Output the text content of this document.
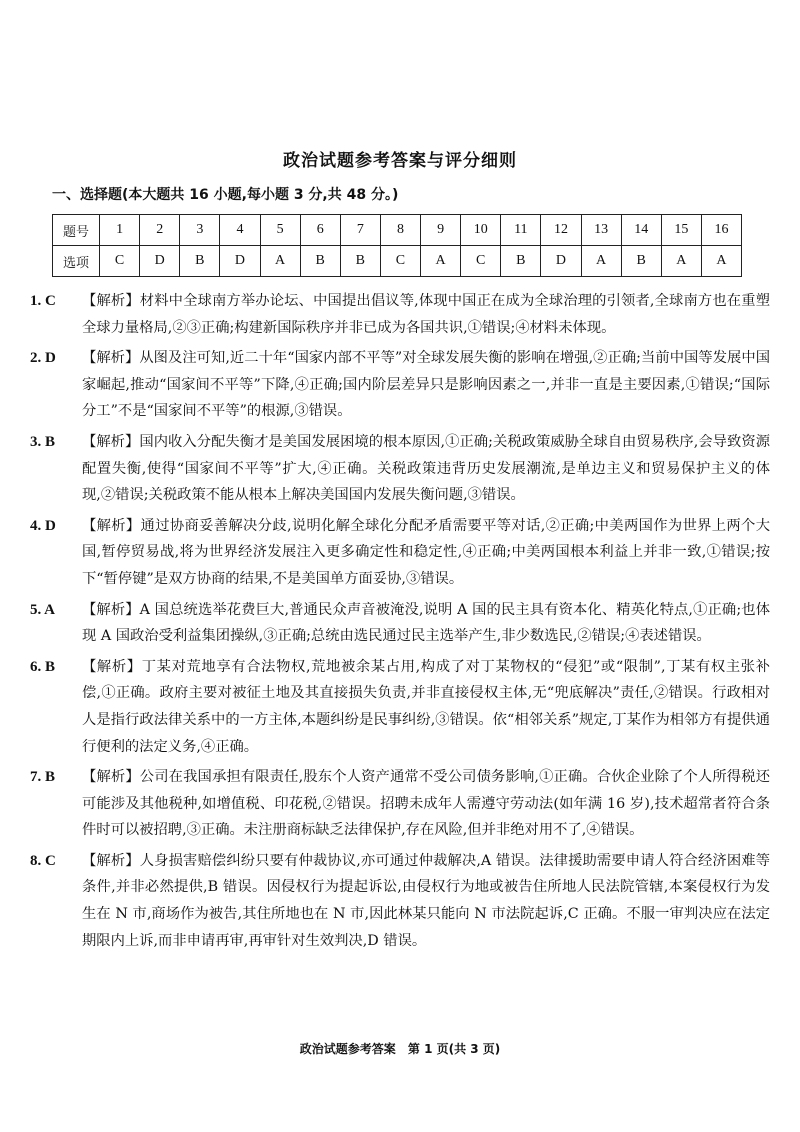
政治试题参考答案与评分细则
一、选择题(本大题共 16 小题,每小题 3 分,共 48 分。)
题号	1	2	3	4	5	6	7	8	9	10	11	12	13	14	15	16
选项	C	D	B	D	A	B	B	C	A	C	B	D	A	B	A	A
1. C	【解析】材料中全球南方举办论坛、中国提出倡议等,体现中国正在成为全球治理的引领者,全球南方也在重塑全球力量格局,②③正确;构建新国际秩序并非已成为各国共识,①错误;④材料未体现。
2. D	【解析】从图及注可知,近二十年“国家内部不平等”对全球发展失衡的影响在增强,②正确;当前中国等发展中国家崛起,推动“国家间不平等”下降,④正确;国内阶层差异只是影响因素之一,并非一直是主要因素,①错误;“国际分工”不是“国家间不平等”的根源,③错误。
3. B	【解析】国内收入分配失衡才是美国发展困境的根本原因,①正确;关税政策威胁全球自由贸易秩序,会导致资源配置失衡,使得“国家间不平等”扩大,④正确。关税政策违背历史发展潮流,是单边主义和贸易保护主义的体现,②错误;关税政策不能从根本上解决美国国内发展失衡问题,③错误。
4. D	【解析】通过协商妥善解决分歧,说明化解全球化分配矛盾需要平等对话,②正确;中美两国作为世界上两个大国,暂停贸易战,将为世界经济发展注入更多确定性和稳定性,④正确;中美两国根本利益上并非一致,①错误;按下“暂停键”是双方协商的结果,不是美国单方面妥协,③错误。
5. A	【解析】A 国总统选举花费巨大,普通民众声音被淹没,说明 A 国的民主具有资本化、精英化特点,①正确;也体现 A 国政治受利益集团操纵,③正确;总统由选民通过民主选举产生,非少数选民,②错误;④表述错误。
6. B	【解析】丁某对荒地享有合法物权,荒地被余某占用,构成了对丁某物权的“侵犯”或“限制”,丁某有权主张补偿,①正确。政府主要对被征土地及其直接损失负责,并非直接侵权主体,无“兜底解决”责任,②错误。行政相对人是指行政法律关系中的一方主体,本题纠纷是民事纠纷,③错误。依“相邻关系”规定,丁某作为相邻方有提供通行便利的法定义务,④正确。
7. B	【解析】公司在我国承担有限责任,股东个人资产通常不受公司债务影响,①正确。合伙企业除了个人所得税还可能涉及其他税种,如增值税、印花税,②错误。招聘未成年人需遵守劳动法(如年满 16 岁),技术超常者符合条件时可以被招聘,③正确。未注册商标缺乏法律保护,存在风险,但并非绝对用不了,④错误。
8. C	【解析】人身损害赔偿纠纷只要有仲裁协议,亦可通过仲裁解决,A 错误。法律援助需要申请人符合经济困难等条件,并非必然提供,B 错误。因侵权行为提起诉讼,由侵权行为地或被告住所地人民法院管辖,本案侵权行为发生在 N 市,商场作为被告,其住所地也在 N 市,因此林某只能向 N 市法院起诉,C 正确。不服一审判决应在法定期限内上诉,而非申请再审,再审针对生效判决,D 错误。
政治试题参考答案 第 1 页(共 3 页)
